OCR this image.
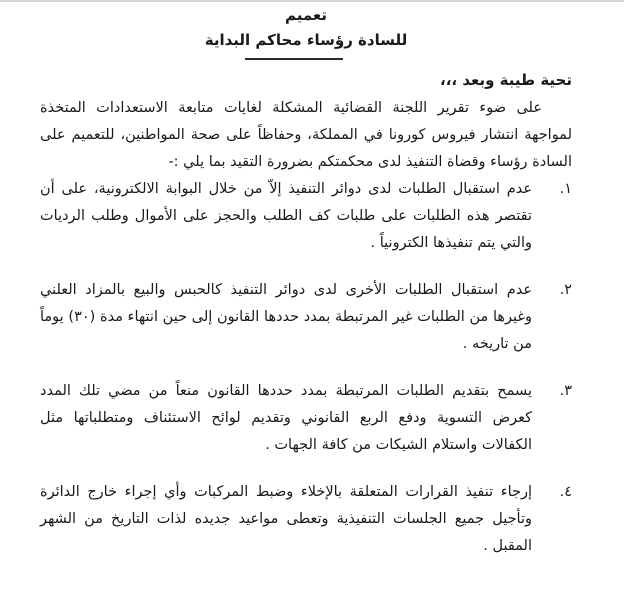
تعميم
للسادة رؤساء محاكم البداية
تحية طيبة وبعد ،،،
على ضوء تقرير اللجنة القضائية المشكلة لغايات متابعة الاستعدادات المتخذة لمواجهة انتشار فيروس كورونا في المملكة، وحفاظاً على صحة المواطنين، للتعميم على السادة رؤساء وقضاة التنفيذ لدى محكمتكم بضرورة التقيد بما يلي :-
١.
عدم استقبال الطلبات لدى دوائر التنفيذ إلاّ من خلال البوابة الالكترونية، على أن تقتصر هذه الطلبات على طلبات كف الطلب والحجز على الأموال وطلب الرديات والتي يتم تنفيذها الكترونياً .
٢.
عدم استقبال الطلبات الأخرى لدى دوائر التنفيذ كالحبس والبيع بالمزاد العلني وغيرها من الطلبات غير المرتبطة بمدد حددها القانون إلى حين انتهاء مدة (٣٠) يوماً من تاريخه .
٣.
يسمح بتقديم الطلبات المرتبطة بمدد حددها القانون منعاً من مضي تلك المدد كعرض التسوية ودفع الربع القانوني وتقديم لوائح الاستئناف ومتطلباتها مثل الكفالات واستلام الشيكات من كافة الجهات .
٤.
إرجاء تنفيذ القرارات المتعلقة بالإخلاء وضبط المركبات وأي إجراء خارج الدائرة وتأجيل جميع الجلسات التنفيذية وتعطى مواعيد جديده لذات التاريخ من الشهر المقبل .
